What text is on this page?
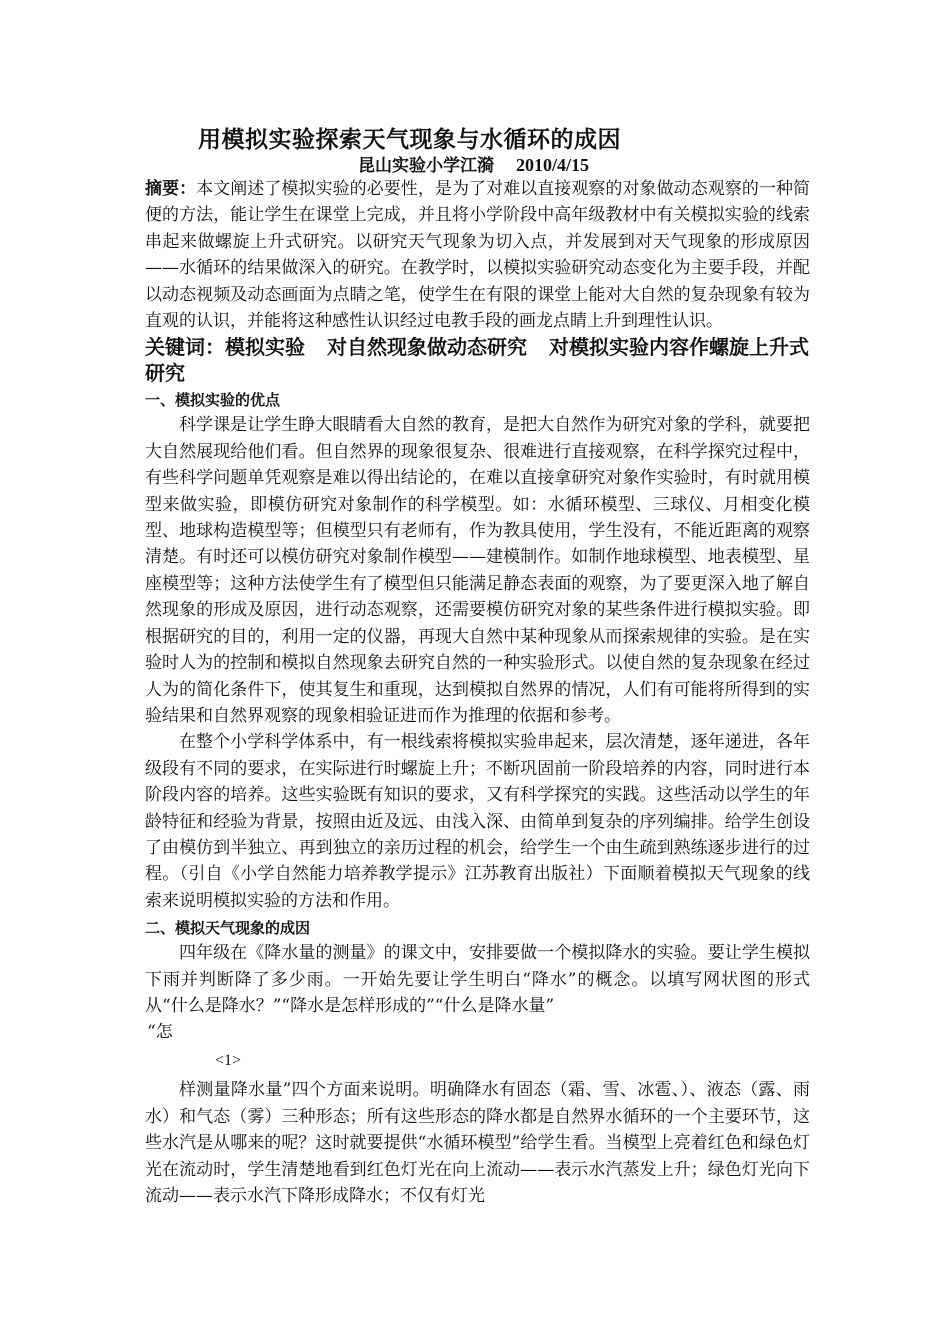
用模拟实验探索天气现象与水循环的成因
昆山实验小学江漪 2010/4/15

摘要：本文阐述了模拟实验的必要性，是为了对难以直接观察的对象做动态观察的一种简便的方法，能让学生在课堂上完成，并且将小学阶段中高年级教材中有关模拟实验的线索串起来做螺旋上升式研究。以研究天气现象为切入点，并发展到对天气现象的形成原因——水循环的结果做深入的研究。在教学时，以模拟实验研究动态变化为主要手段，并配以动态视频及动态画面为点睛之笔，使学生在有限的课堂上能对大自然的复杂现象有较为直观的认识，并能将这种感性认识经过电教手段的画龙点睛上升到理性认识。

关键词：模拟实验 对自然现象做动态研究 对模拟实验内容作螺旋上升式研究

一、模拟实验的优点

科学课是让学生睁大眼睛看大自然的教育，是把大自然作为研究对象的学科，就要把大自然展现给他们看。但自然界的现象很复杂、很难进行直接观察，在科学探究过程中，有些科学问题单凭观察是难以得出结论的，在难以直接拿研究对象作实验时，有时就用模型来做实验，即模仿研究对象制作的科学模型。如：水循环模型、三球仪、月相变化模型、地球构造模型等；但模型只有老师有，作为教具使用，学生没有，不能近距离的观察清楚。有时还可以模仿研究对象制作模型——建模制作。如制作地球模型、地表模型、星座模型等；这种方法使学生有了模型但只能满足静态表面的观察，为了要更深入地了解自然现象的形成及原因，进行动态观察，还需要模仿研究对象的某些条件进行模拟实验。即根据研究的目的，利用一定的仪器，再现大自然中某种现象从而探索规律的实验。是在实验时人为的控制和模拟自然现象去研究自然的一种实验形式。以使自然的复杂现象在经过人为的简化条件下，使其复生和重现，达到模拟自然界的情况，人们有可能将所得到的实验结果和自然界观察的现象相验证进而作为推理的依据和参考。

在整个小学科学体系中，有一根线索将模拟实验串起来，层次清楚，逐年递进，各年级段有不同的要求，在实际进行时螺旋上升；不断巩固前一阶段培养的内容，同时进行本阶段内容的培养。这些实验既有知识的要求，又有科学探究的实践。这些活动以学生的年龄特征和经验为背景，按照由近及远、由浅入深、由简单到复杂的序列编排。给学生创设了由模仿到半独立、再到独立的亲历过程的机会，给学生一个由生疏到熟练逐步进行的过程。（引自《小学自然能力培养教学提示》江苏教育出版社）下面顺着模拟天气现象的线索来说明模拟实验的方法和作用。

二、模拟天气现象的成因

四年级在《降水量的测量》的课文中，安排要做一个模拟降水的实验。要让学生模拟下雨并判断降了多少雨。一开始先要让学生明白“降水”的概念。以填写网状图的形式从“什么是降水？”“降水是怎样形成的”“什么是降水量”

“怎

<1>

样测量降水量”四个方面来说明。明确降水有固态（霜、雪、冰雹、）、液态（露、雨水）和气态（雾）三种形态；所有这些形态的降水都是自然界水循环的一个主要环节，这些水汽是从哪来的呢？这时就要提供“水循环模型”给学生看。当模型上亮着红色和绿色灯光在流动时，学生清楚地看到红色灯光在向上流动——表示水汽蒸发上升；绿色灯光向下流动——表示水汽下降形成降水；不仅有灯光
